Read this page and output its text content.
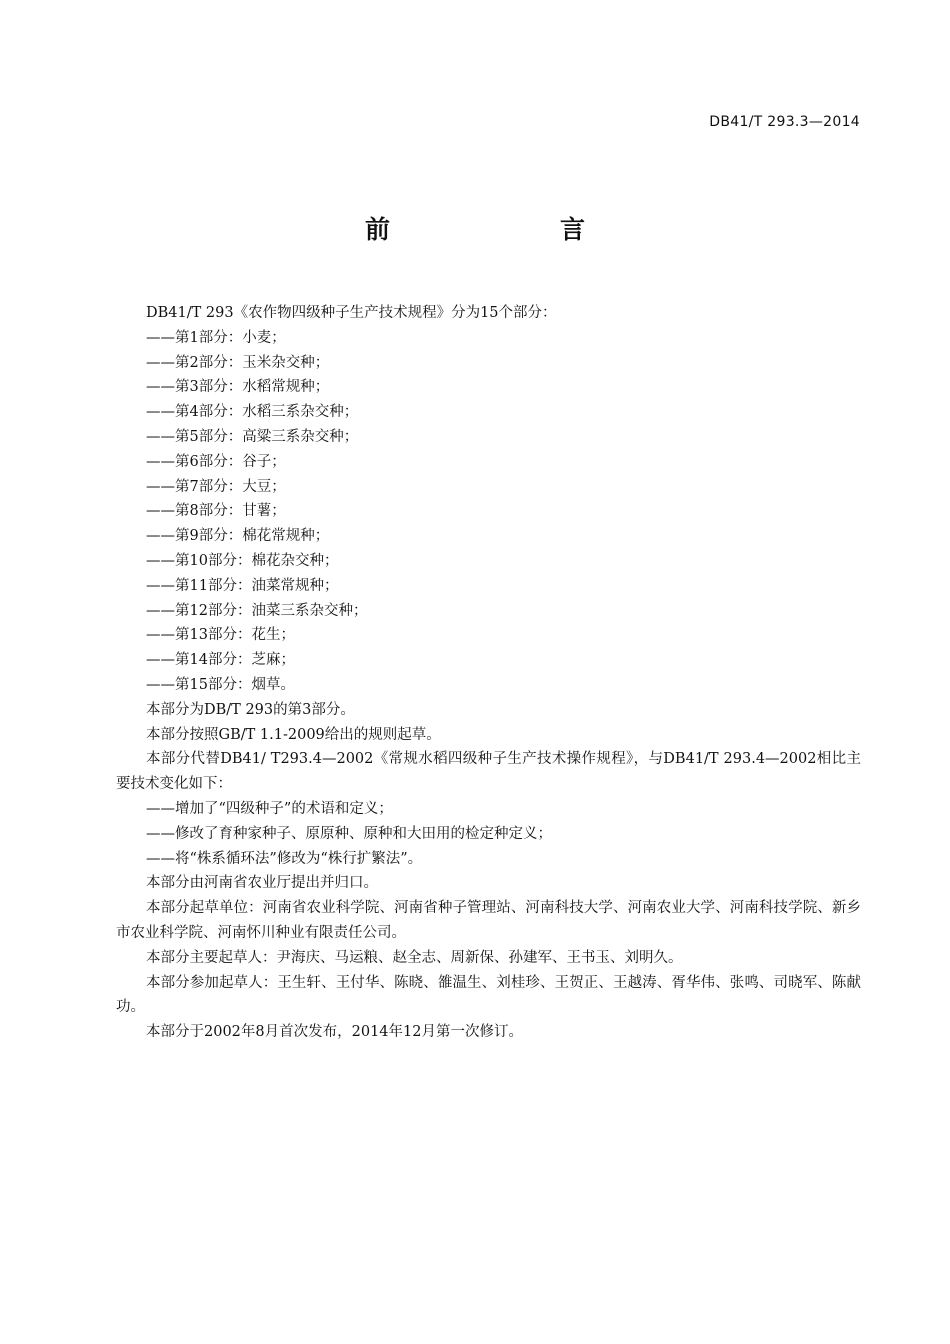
DB41/T 293.3—2014
前　　言

DB41/T 293《农作物四级种子生产技术规程》分为15个部分：

——第1部分：小麦；

——第2部分：玉米杂交种；

——第3部分：水稻常规种；

——第4部分：水稻三系杂交种；

——第5部分：高粱三系杂交种；

——第6部分：谷子；

——第7部分：大豆；

——第8部分：甘薯；

——第9部分：棉花常规种；

——第10部分：棉花杂交种；

——第11部分：油菜常规种；

——第12部分：油菜三系杂交种；

——第13部分：花生；

——第14部分：芝麻；

——第15部分：烟草。

本部分为DB/T 293的第3部分。

本部分按照GB/T 1.1-2009给出的规则起草。

本部分代替DB41/ T293.4—2002《常规水稻四级种子生产技术操作规程》，与DB41/T 293.4—2002相比主要技术变化如下：

——增加了“四级种子”的术语和定义；

——修改了育种家种子、原原种、原种和大田用的检定种定义；

——将“株系循环法”修改为“株行扩繁法”。

本部分由河南省农业厅提出并归口。

本部分起草单位：河南省农业科学院、河南省种子管理站、河南科技大学、河南农业大学、河南科技学院、新乡市农业科学院、河南怀川种业有限责任公司。

本部分主要起草人：尹海庆、马运粮、赵全志、周新保、孙建军、王书玉、刘明久。

本部分参加起草人：王生轩、王付华、陈晓、雒温生、刘桂珍、王贺正、王越涛、胥华伟、张鸣、司晓军、陈献功。

本部分于2002年8月首次发布，2014年12月第一次修订。
